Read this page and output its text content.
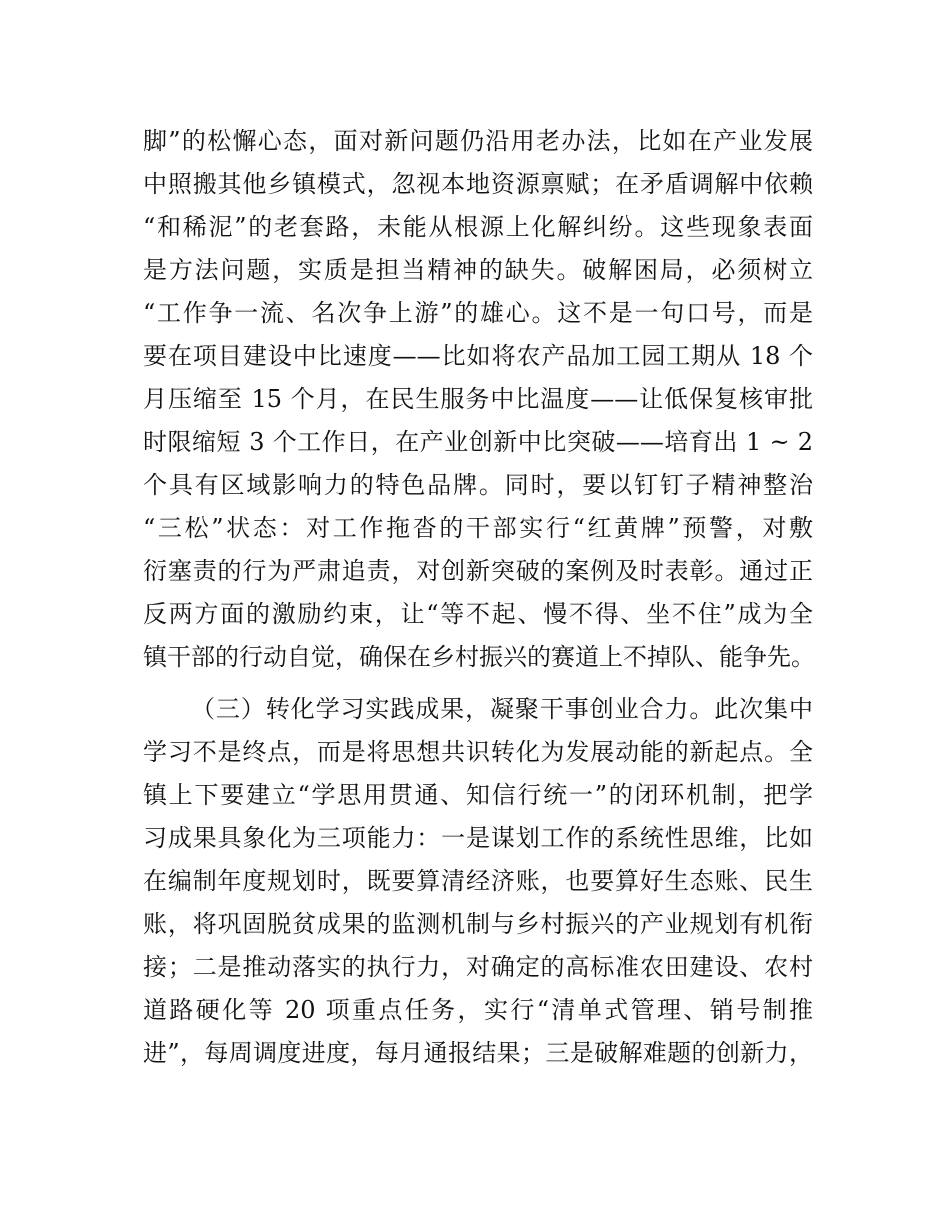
脚”的松懈心态，面对新问题仍沿用老办法，比如在产业发展
中照搬其他乡镇模式，忽视本地资源禀赋；在矛盾调解中依赖
“和稀泥”的老套路，未能从根源上化解纠纷。这些现象表面
是方法问题，实质是担当精神的缺失。破解困局，必须树立
“工作争一流、名次争上游”的雄心。这不是一句口号，而是
要在项目建设中比速度——比如将农产品加工园工期从 18 个
月压缩至 15 个月，在民生服务中比温度——让低保复核审批
时限缩短 3 个工作日，在产业创新中比突破——培育出 1 ~ 2
个具有区域影响力的特色品牌。同时，要以钉钉子精神整治
“三松”状态：对工作拖沓的干部实行“红黄牌”预警，对敷
衍塞责的行为严肃追责，对创新突破的案例及时表彰。通过正
反两方面的激励约束，让“等不起、慢不得、坐不住”成为全
镇干部的行动自觉，确保在乡村振兴的赛道上不掉队、能争先。
（三）转化学习实践成果，凝聚干事创业合力。此次集中
学习不是终点，而是将思想共识转化为发展动能的新起点。全
镇上下要建立“学思用贯通、知信行统一”的闭环机制，把学
习成果具象化为三项能力：一是谋划工作的系统性思维，比如
在编制年度规划时，既要算清经济账，也要算好生态账、民生
账，将巩固脱贫成果的监测机制与乡村振兴的产业规划有机衔
接；二是推动落实的执行力，对确定的高标准农田建设、农村
道路硬化等 20 项重点任务，实行“清单式管理、销号制推
进”，每周调度进度，每月通报结果；三是破解难题的创新力，
